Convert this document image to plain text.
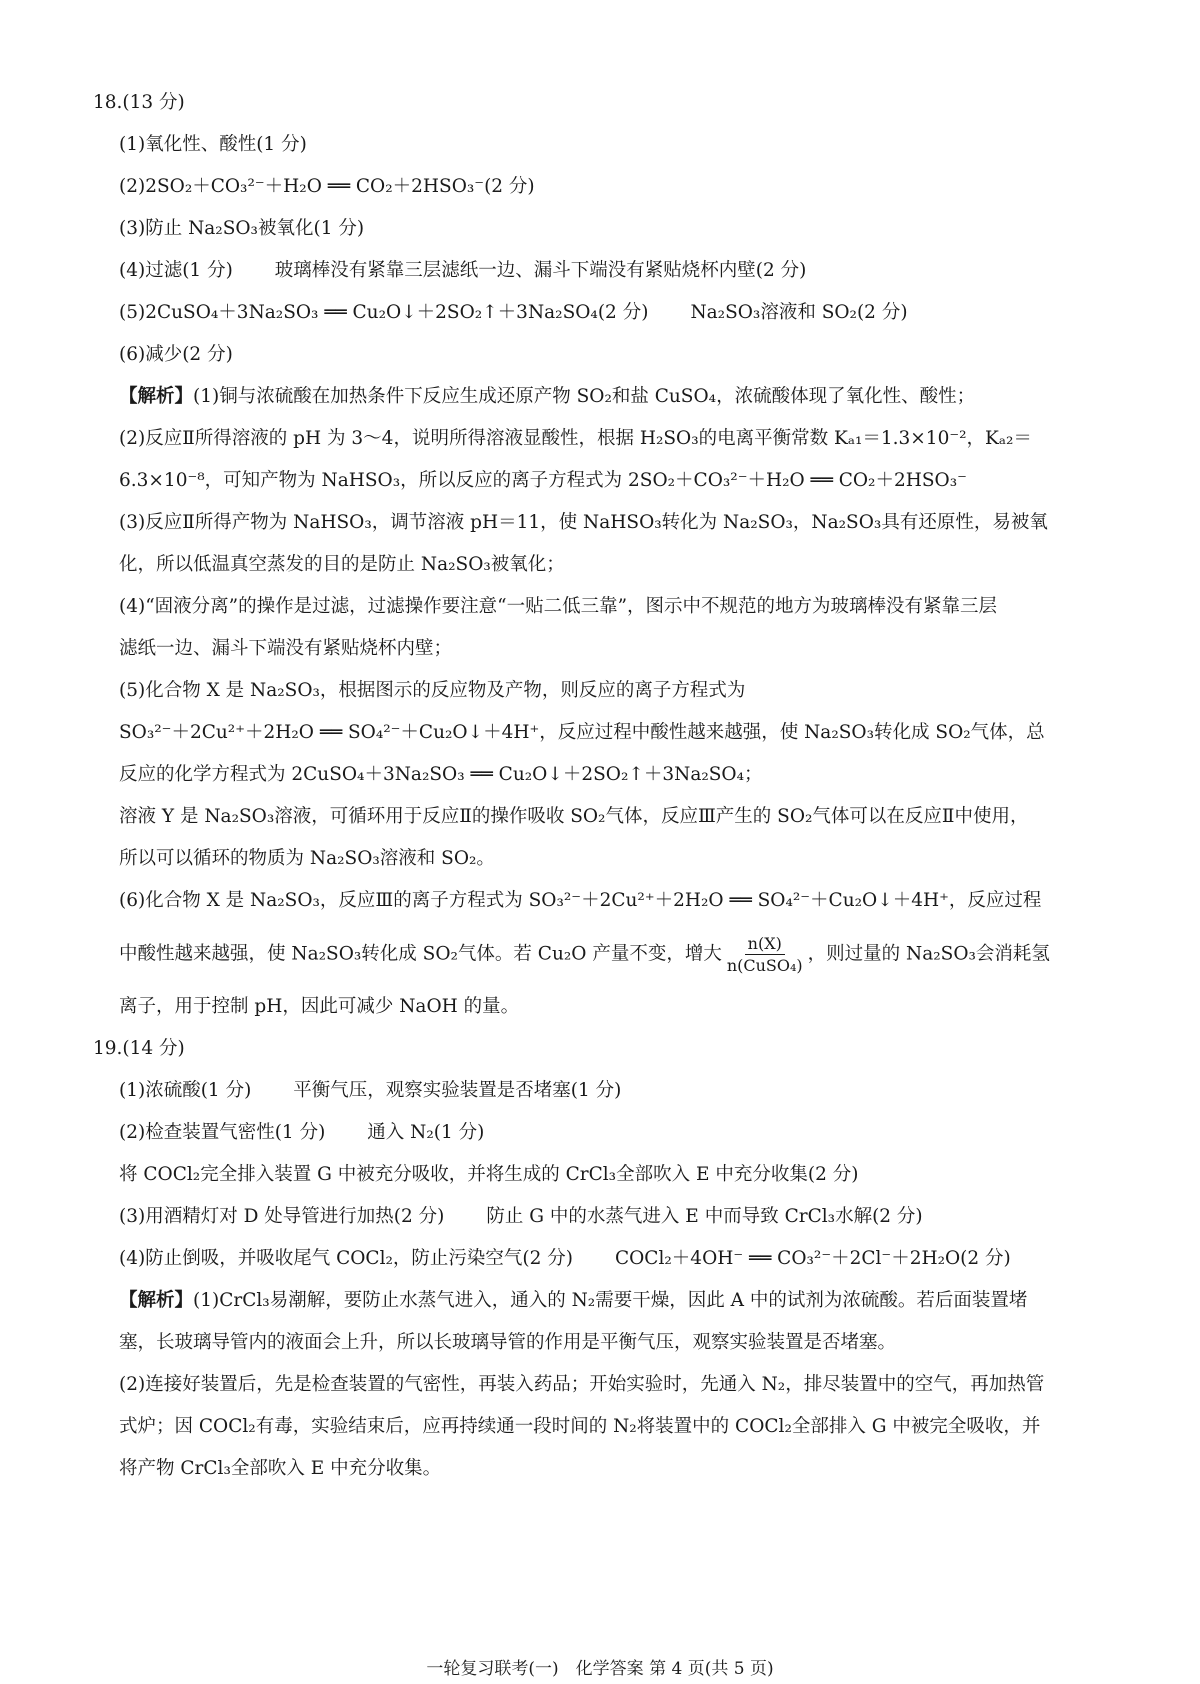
18.(13 分)
(1)氧化性、酸性(1 分)
(2)2SO₂＋CO₃²⁻＋H₂O ══ CO₂＋2HSO₃⁻(2 分)
(3)防止 Na₂SO₃被氧化(1 分)
(4)过滤(1 分) 玻璃棒没有紧靠三层滤纸一边、漏斗下端没有紧贴烧杯内壁(2 分)
(5)2CuSO₄＋3Na₂SO₃ ══ Cu₂O↓＋2SO₂↑＋3Na₂SO₄(2 分) Na₂SO₃溶液和 SO₂(2 分)
(6)减少(2 分)
【解析】(1)铜与浓硫酸在加热条件下反应生成还原产物 SO₂和盐 CuSO₄，浓硫酸体现了氧化性、酸性；
(2)反应Ⅱ所得溶液的 pH 为 3～4，说明所得溶液显酸性，根据 H₂SO₃的电离平衡常数 Kₐ₁＝1.3×10⁻²，Kₐ₂＝
6.3×10⁻⁸，可知产物为 NaHSO₃，所以反应的离子方程式为 2SO₂＋CO₃²⁻＋H₂O ══ CO₂＋2HSO₃⁻
(3)反应Ⅱ所得产物为 NaHSO₃，调节溶液 pH＝11，使 NaHSO₃转化为 Na₂SO₃，Na₂SO₃具有还原性，易被氧
化，所以低温真空蒸发的目的是防止 Na₂SO₃被氧化；
(4)“固液分离”的操作是过滤，过滤操作要注意“一贴二低三靠”，图示中不规范的地方为玻璃棒没有紧靠三层
滤纸一边、漏斗下端没有紧贴烧杯内壁；
(5)化合物 X 是 Na₂SO₃，根据图示的反应物及产物，则反应的离子方程式为
SO₃²⁻＋2Cu²⁺＋2H₂O ══ SO₄²⁻＋Cu₂O↓＋4H⁺，反应过程中酸性越来越强，使 Na₂SO₃转化成 SO₂气体，总
反应的化学方程式为 2CuSO₄＋3Na₂SO₃ ══ Cu₂O↓＋2SO₂↑＋3Na₂SO₄；
溶液 Y 是 Na₂SO₃溶液，可循环用于反应Ⅱ的操作吸收 SO₂气体，反应Ⅲ产生的 SO₂气体可以在反应Ⅱ中使用，
所以可以循环的物质为 Na₂SO₃溶液和 SO₂。
(6)化合物 X 是 Na₂SO₃，反应Ⅲ的离子方程式为 SO₃²⁻＋2Cu²⁺＋2H₂O ══ SO₄²⁻＋Cu₂O↓＋4H⁺，反应过程
中酸性越来越强，使 Na₂SO₃转化成 SO₂气体。若 Cu₂O 产量不变，增大 $\frac{n(X)}{\text{n(CuSO₄)}}$ ，则过量的 Na₂SO₃会消耗氢
离子，用于控制 pH，因此可减少 NaOH 的量。
19.(14 分)
(1)浓硫酸(1 分) 平衡气压，观察实验装置是否堵塞(1 分)
(2)检查装置气密性(1 分) 通入 N₂(1 分)
将 COCl₂完全排入装置 G 中被充分吸收，并将生成的 CrCl₃全部吹入 E 中充分收集(2 分)
(3)用酒精灯对 D 处导管进行加热(2 分) 防止 G 中的水蒸气进入 E 中而导致 CrCl₃水解(2 分)
(4)防止倒吸，并吸收尾气 COCl₂，防止污染空气(2 分) COCl₂＋4OH⁻ ══ CO₃²⁻＋2Cl⁻＋2H₂O(2 分)
【解析】(1)CrCl₃易潮解，要防止水蒸气进入，通入的 N₂需要干燥，因此 A 中的试剂为浓硫酸。若后面装置堵
塞，长玻璃导管内的液面会上升，所以长玻璃导管的作用是平衡气压，观察实验装置是否堵塞。
(2)连接好装置后，先是检查装置的气密性，再装入药品；开始实验时，先通入 N₂，排尽装置中的空气，再加热管
式炉；因 COCl₂有毒，实验结束后，应再持续通一段时间的 N₂将装置中的 COCl₂全部排入 G 中被完全吸收，并
将产物 CrCl₃全部吹入 E 中充分收集。
一轮复习联考(一)　化学答案 第 4 页(共 5 页)
